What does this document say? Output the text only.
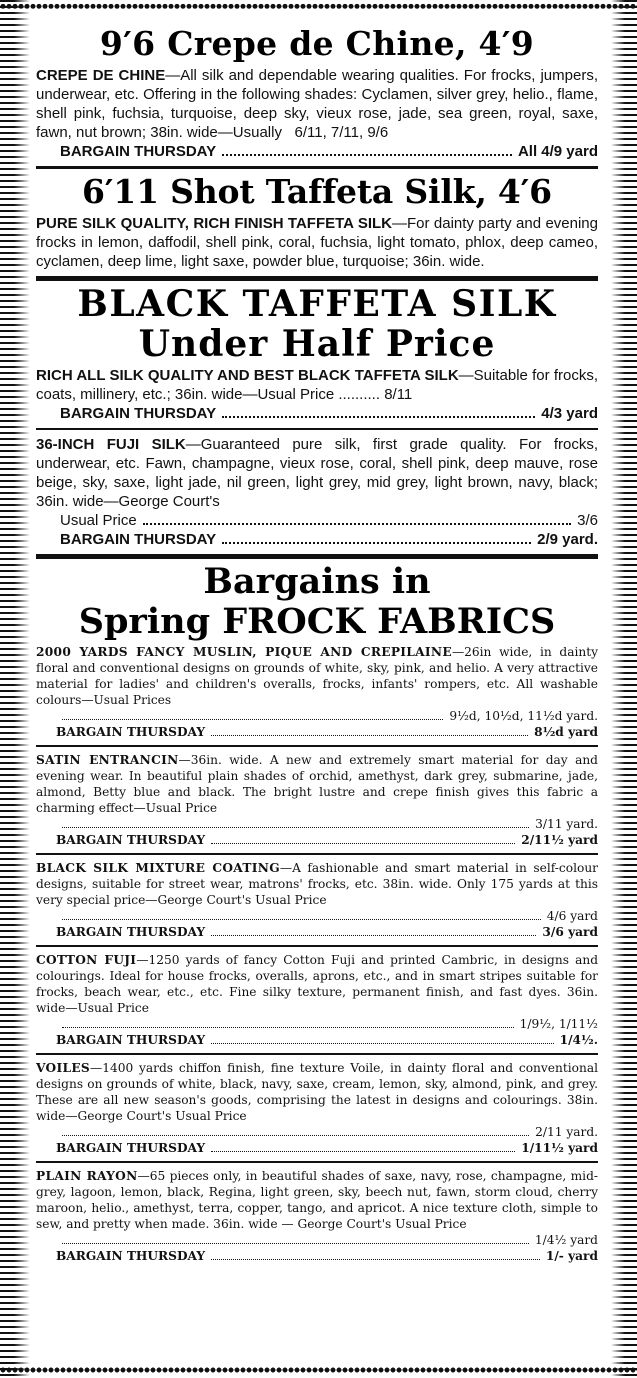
9′6 Crepe de Chine, 4′9
CREPE DE CHINE—All silk and dependable wearing qualities. For frocks, jumpers, underwear, etc. Offering in the following shades: Cyclamen, silver grey, helio., flame, shell pink, fuchsia, turquoise, deep sky, vieux rose, jade, sea green, royal, saxe, fawn, nut brown; 38in. wide—Usually 6/11, 7/11, 9/6
BARGAIN THURSDAY	All 4/9 yard
6′11 Shot Taffeta Silk, 4′6
PURE SILK QUALITY, RICH FINISH TAFFETA SILK—For dainty party and evening frocks in lemon, daffodil, shell pink, coral, fuchsia, light tomato, phlox, deep cameo, cyclamen, deep lime, light saxe, powder blue, turquoise; 36in. wide.
BLACK TAFFETA SILK
Under Half Price
RICH ALL SILK QUALITY AND BEST BLACK TAFFETA SILK—Suitable for frocks, coats, millinery, etc.; 36in. wide—Usual Price .......... 8/11
BARGAIN THURSDAY	4/3 yard
36-INCH FUJI SILK—Guaranteed pure silk, first grade quality. For frocks, underwear, etc. Fawn, champagne, vieux rose, coral, shell pink, deep mauve, rose beige, sky, saxe, light jade, nil green, light grey, mid grey, light brown, navy, black; 36in. wide—George Court's
Usual Price	3/6
BARGAIN THURSDAY	2/9 yard.
Bargains in
Spring FROCK FABRICS
2000 YARDS FANCY MUSLIN, PIQUE AND CREPILAINE—26in wide, in dainty floral and conventional designs on grounds of white, sky, pink, and helio. A very attractive material for ladies' and children's overalls, frocks, infants' rompers, etc. All washable colours—Usual Prices
9½d, 10½d, 11½d yard.
BARGAIN THURSDAY	8½d yard
SATIN ENTRANCIN—36in. wide. A new and extremely smart material for day and evening wear. In beautiful plain shades of orchid, amethyst, dark grey, submarine, jade, almond, Betty blue and black. The bright lustre and crepe finish gives this fabric a charming effect—Usual Price
3/11 yard.
BARGAIN THURSDAY	2/11½ yard
BLACK SILK MIXTURE COATING—A fashionable and smart material in self-colour designs, suitable for street wear, matrons' frocks, etc. 38in. wide. Only 175 yards at this very special price—George Court's Usual Price
4/6 yard
BARGAIN THURSDAY	3/6 yard
COTTON FUJI—1250 yards of fancy Cotton Fuji and printed Cambric, in designs and colourings. Ideal for house frocks, overalls, aprons, etc., and in smart stripes suitable for frocks, beach wear, etc., etc. Fine silky texture, permanent finish, and fast dyes. 36in. wide—Usual Price
1/9½, 1/11½
BARGAIN THURSDAY	1/4½.
VOILES—1400 yards chiffon finish, fine texture Voile, in dainty floral and conventional designs on grounds of white, black, navy, saxe, cream, lemon, sky, almond, pink, and grey. These are all new season's goods, comprising the latest in designs and colourings. 38in. wide—George Court's Usual Price
2/11 yard.
BARGAIN THURSDAY	1/11½ yard
PLAIN RAYON—65 pieces only, in beautiful shades of saxe, navy, rose, champagne, mid-grey, lagoon, lemon, black, Regina, light green, sky, beech nut, fawn, storm cloud, cherry maroon, helio., amethyst, terra, copper, tango, and apricot. A nice texture cloth, simple to sew, and pretty when made. 36in. wide — George Court's Usual Price
1/4½ yard
BARGAIN THURSDAY	1/- yard
